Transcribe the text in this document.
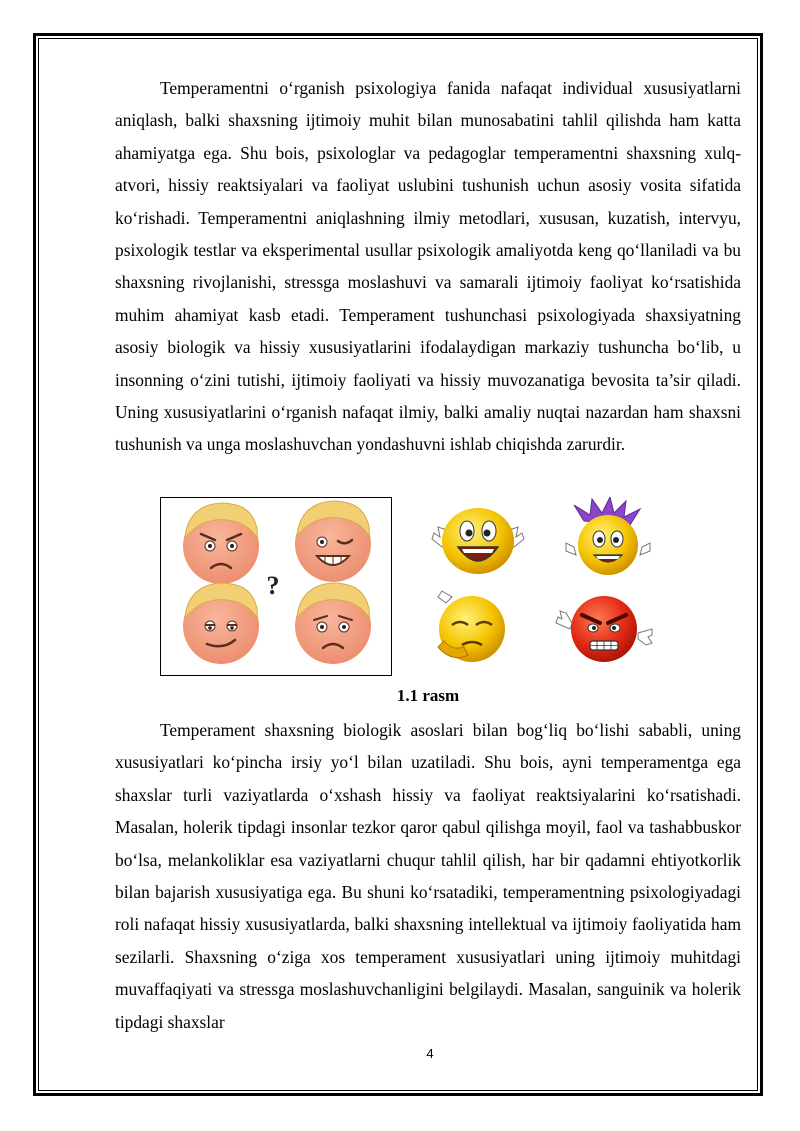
Temperamentni o‘rganish psixologiya fanida nafaqat individual xususiyatlarni aniqlash, balki shaxsning ijtimoiy muhit bilan munosabatini tahlil qilishda ham katta ahamiyatga ega. Shu bois, psixologlar va pedagoglar temperamentni shaxsning xulq-atvori, hissiy reaktsiyalari va faoliyat uslubini tushunish uchun asosiy vosita sifatida ko‘rishadi. Temperamentni aniqlashning ilmiy metodlari, xususan, kuzatish, intervyu, psixologik testlar va eksperimental usullar psixologik amaliyotda keng qo‘llaniladi va bu shaxsning rivojlanishi, stressga moslashuvi va samarali ijtimoiy faoliyat ko‘rsatishida muhim ahamiyat kasb etadi. Temperament tushunchasi psixologiyada shaxsiyatning asosiy biologik va hissiy xususiyatlarini ifodalaydigan markaziy tushuncha bo‘lib, u insonning o‘zini tutishi, ijtimoiy faoliyati va hissiy muvozanatiga bevosita ta’sir qiladi. Uning xususiyatlarini o‘rganish nafaqat ilmiy, balki amaliy nuqtai nazardan ham shaxsni tushunish va unga moslashuvchan yondashuvni ishlab chiqishda zarurdir.

?
1.1 rasm

Temperament shaxsning biologik asoslari bilan bog‘liq bo‘lishi sababli, uning xususiyatlari ko‘pincha irsiy yo‘l bilan uzatiladi. Shu bois, ayni temperamentga ega shaxslar turli vaziyatlarda o‘xshash hissiy va faoliyat reaktsiyalarini ko‘rsatishadi. Masalan, holerik tipdagi insonlar tezkor qaror qabul qilishga moyil, faol va tashabbuskor bo‘lsa, melankoliklar esa vaziyatlarni chuqur tahlil qilish, har bir qadamni ehtiyotkorlik bilan bajarish xususiyatiga ega. Bu shuni ko‘rsatadiki, temperamentning psixologiyadagi roli nafaqat hissiy xususiyatlarda, balki shaxsning intellektual va ijtimoiy faoliyatida ham sezilarli. Shaxsning o‘ziga xos temperament xususiyatlari uning ijtimoiy muhitdagi muvaffaqiyati va stressga moslashuvchanligini belgilaydi. Masalan, sanguinik va holerik tipdagi shaxslar

4
